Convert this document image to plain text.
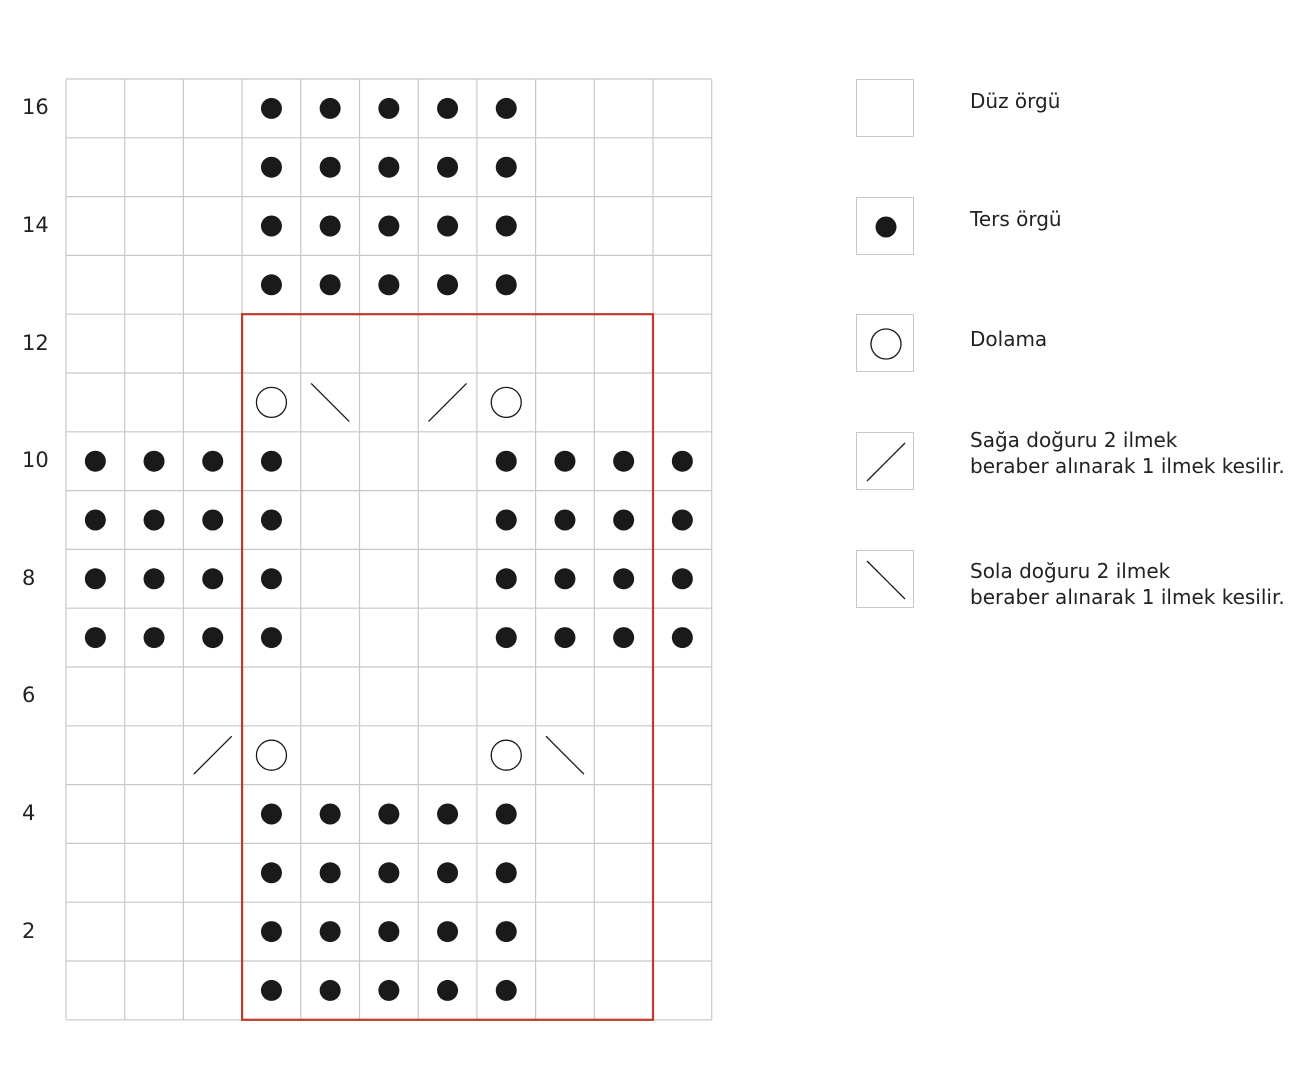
2
4
6
8
10
12
14
16	Düz örgü
Ters örgü
Dolama
Sağa doğuru 2 ilmek
beraber alınarak 1 ilmek kesilir.
Sola doğuru 2 ilmek
beraber alınarak 1 ilmek kesilir.
